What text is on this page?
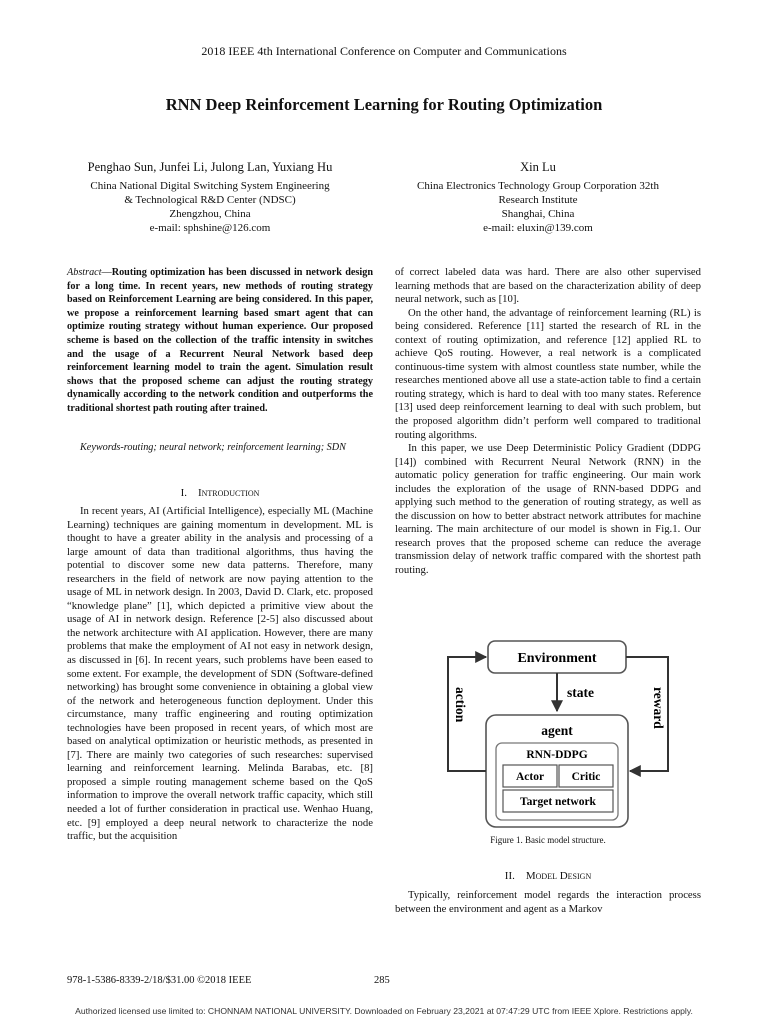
2018 IEEE 4th International Conference on Computer and Communications
RNN Deep Reinforcement Learning for Routing Optimization
Penghao Sun, Junfei Li, Julong Lan, Yuxiang Hu
China National Digital Switching System Engineering
& Technological R&D Center (NDSC)
Zhengzhou, China
e-mail: sphshine@126.com
Xin Lu
China Electronics Technology Group Corporation 32th
Research Institute
Shanghai, China
e-mail: eluxin@139.com
Abstract—Routing optimization has been discussed in network design for a long time. In recent years, new methods of routing strategy based on Reinforcement Learning are being considered. In this paper, we propose a reinforcement learning based smart agent that can optimize routing strategy without human experience. Our proposed scheme is based on the collection of the traffic intensity in switches and the usage of a Recurrent Neural Network based deep reinforcement learning model to train the agent. Simulation result shows that the proposed scheme can adjust the routing strategy dynamically according to the network condition and outperforms the traditional shortest path routing after trained.
Keywords-routing; neural network; reinforcement learning; SDN
I. Introduction

In recent years, AI (Artificial Intelligence), especially ML (Machine Learning) techniques are gaining momentum in development. ML is thought to have a greater ability in the analysis and processing of a large amount of data than traditional algorithms, thus having the potential to discover some new data patterns. Therefore, many researchers in the field of network are now paying attention to the usage of ML in network design. In 2003, David D. Clark, etc. proposed “knowledge plane” [1], which depicted a primitive view about the usage of AI in network design. Reference [2-5] also discussed about the network architecture with AI application. However, there are many problems that make the employment of AI not easy in network design, as discussed in [6]. In recent years, such problems have been eased to some extent. For example, the development of SDN (Software-defined networking) has brought some convenience in obtaining a global view of the network and heterogeneous function deployment. Under this circumstance, many traffic engineering and routing optimization technologies have been proposed in recent years, of which most are based on analytical optimization or heuristic methods, as presented in [7]. There are mainly two categories of such researches: supervised learning and reinforcement learning. Melinda Barabas, etc. [8] proposed a simple routing management scheme based on the QoS information to improve the overall network traffic capacity, which still needed a lot of further consideration in practical use. Wenhao Huang, etc. [9] employed a deep neural network to characterize the node traffic, but the acquisition

of correct labeled data was hard. There are also other supervised learning methods that are based on the characterization ability of deep neural network, such as [10].

On the other hand, the advantage of reinforcement learning (RL) is being considered. Reference [11] started the research of RL in the context of routing optimization, and reference [12] applied RL to achieve QoS routing. However, a real network is a complicated continuous-time system with almost countless state number, while the researches mentioned above all use a state-action table to find a certain routing strategy, which is hard to deal with too many states. Reference [13] used deep reinforcement learning to deal with such problem, but the proposed algorithm didn’t perform well compared to traditional routing algorithms.

In this paper, we use Deep Deterministic Policy Gradient (DDPG [14]) combined with Recurrent Neural Network (RNN) in the automatic policy generation for traffic engineering. Our main work includes the exploration of the usage of RNN-based DDPG and applying such method to the generation of routing strategy, as well as the discussion on how to better abstract network attributes for machine learning. The main architecture of our model is shown in Fig.1. Our research proves that the proposed scheme can reduce the average transmission delay of network traffic compared with the shortest path routing.

Environment
state
agent
RNN-DDPG
Actor Critic
Target network
action	reward
Figure 1. Basic model structure.
II. Model Design

Typically, reinforcement model regards the interaction process between the environment and agent as a Markov

978-1-5386-8339-2/18/$31.00 ©2018 IEEE	285
Authorized licensed use limited to: CHONNAM NATIONAL UNIVERSITY. Downloaded on February 23,2021 at 07:47:29 UTC from IEEE Xplore. Restrictions apply.
